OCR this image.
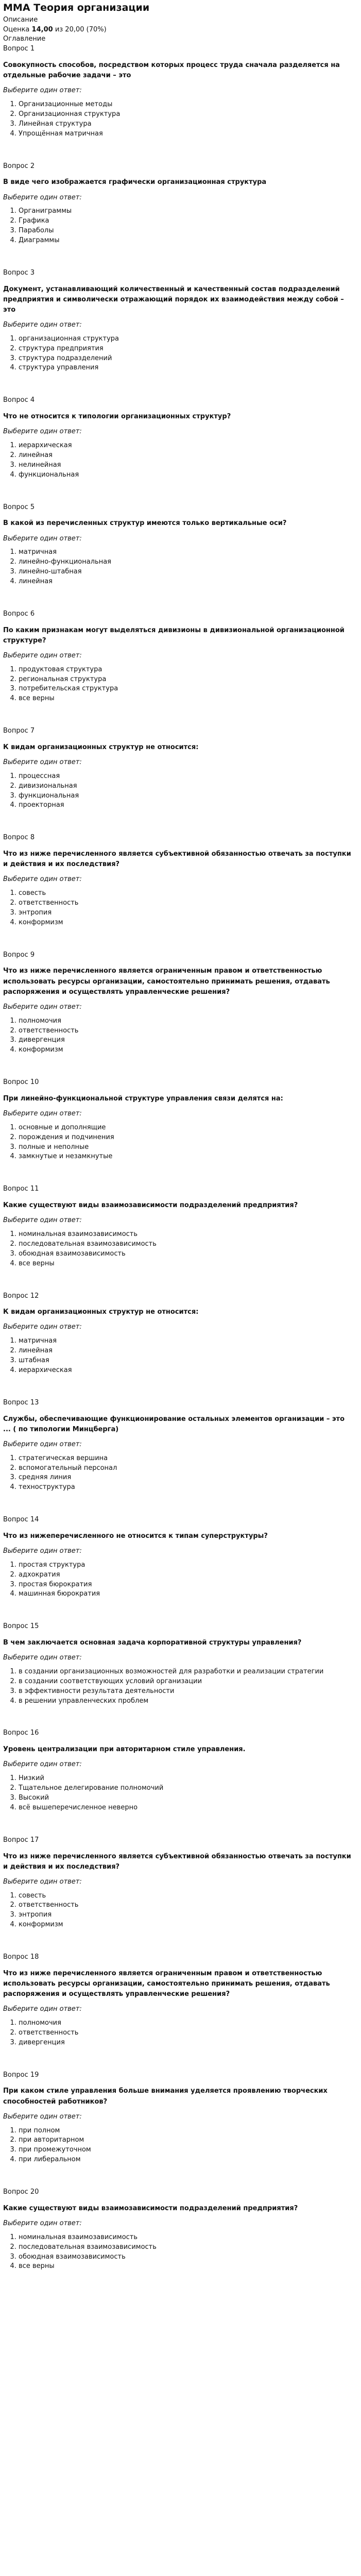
ММА Теория организации
Описание
Оценка 14,00 из 20,00 (70%)
Оглавление
Вопрос 1
Совокупность способов, посредством которых процесс труда сначала разделяется на отдельные рабочие задачи – это
Выберите один ответ:
1. Организационные методы
2. Организационная структура
3. Линейная структура
4. Упрощённая матричная
Вопрос 2
В виде чего изображается графически организационная структура
Выберите один ответ:
1. Органиграммы
2. Графика
3. Параболы
4. Диаграммы
Вопрос 3
Документ, устанавливающий количественный и качественный состав подразделений предприятия и символически отражающий порядок их взаимодействия между собой – это
Выберите один ответ:
1. организационная структура
2. структура предприятия
3. структура подразделений
4. структура управления
Вопрос 4
Что не относится к типологии организационных структур?
Выберите один ответ:
1. иерархическая
2. линейная
3. нелинейная
4. функциональная
Вопрос 5
В какой из перечисленных структур имеются только вертикальные оси?
Выберите один ответ:
1. матричная
2. линейно-функциональная
3. линейно-штабная
4. линейная
Вопрос 6
По каким признакам могут выделяться дивизионы в дивизиональной организационной структуре?
Выберите один ответ:
1. продуктовая структура
2. региональная структура
3. потребительская структура
4. все верны
Вопрос 7
К видам организационных структур не относится:
Выберите один ответ:
1. процессная
2. дивизиональная
3. функциональная
4. проекторная
Вопрос 8
Что из ниже перечисленного является субъективной обязанностью отвечать за поступки и действия и их последствия?
Выберите один ответ:
1. совесть
2. ответственность
3. энтропия
4. конформизм
Вопрос 9
Что из ниже перечисленного является ограниченным правом и ответственностью использовать ресурсы организации, самостоятельно принимать решения, отдавать распоряжения и осуществлять управленческие решения?
Выберите один ответ:
1. полномочия
2. ответственность
3. дивергенция
4. конформизм
Вопрос 10
При линейно-функциональной структуре управления связи делятся на:
Выберите один ответ:
1. основные и дополнящие
2. порождения и подчинения
3. полные и неполные
4. замкнутые и незамкнутые
Вопрос 11
Какие существуют виды взаимозависимости подразделений предприятия?
Выберите один ответ:
1. номинальная взаимозависимость
2. последовательная взаимозависимость
3. обоюдная взаимозависимость
4. все верны
Вопрос 12
К видам организационных структур не относится:
Выберите один ответ:
1. матричная
2. линейная
3. штабная
4. иерархическая
Вопрос 13
Службы, обеспечивающие функционирование остальных элементов организации – это ... ( по типологии Минцберга)
Выберите один ответ:
1. стратегическая вершина
2. вспомогательный персонал
3. средняя линия
4. техноструктура
Вопрос 14
Что из нижеперечисленного не относится к типам суперструктуры?
Выберите один ответ:
1. простая структура
2. адхократия
3. простая бюрократия
4. машинная бюрократия
Вопрос 15
В чем заключается основная задача корпоративной структуры управления?
Выберите один ответ:
1. в создании организационных возможностей для разработки и реализации стратегии
2. в создании соответствующих условий организации
3. в эффективности результата деятельности
4. в решении управленческих проблем
Вопрос 16
Уровень централизации при авторитарном стиле управления.
Выберите один ответ:
1. Низкий
2. Тщательное делегирование полномочий
3. Высокий
4. всё вышеперечисленное неверно
Вопрос 17
Что из ниже перечисленного является субъективной обязанностью отвечать за поступки и действия и их последствия?
Выберите один ответ:
1. совесть
2. ответственность
3. энтропия
4. конформизм
Вопрос 18
Что из ниже перечисленного является ограниченным правом и ответственностью использовать ресурсы организации, самостоятельно принимать решения, отдавать распоряжения и осуществлять управленческие решения?
Выберите один ответ:
1. полномочия
2. ответственность
3. дивергенция
Вопрос 19
При каком стиле управления больше внимания уделяется проявлению творческих способностей работников?
Выберите один ответ:
1. при полном
2. при авторитарном
3. при промежуточном
4. при либеральном
Вопрос 20
Какие существуют виды взаимозависимости подразделений предприятия?
Выберите один ответ:
1. номинальная взаимозависимость
2. последовательная взаимозависимость
3. обоюдная взаимозависимость
4. все верны
